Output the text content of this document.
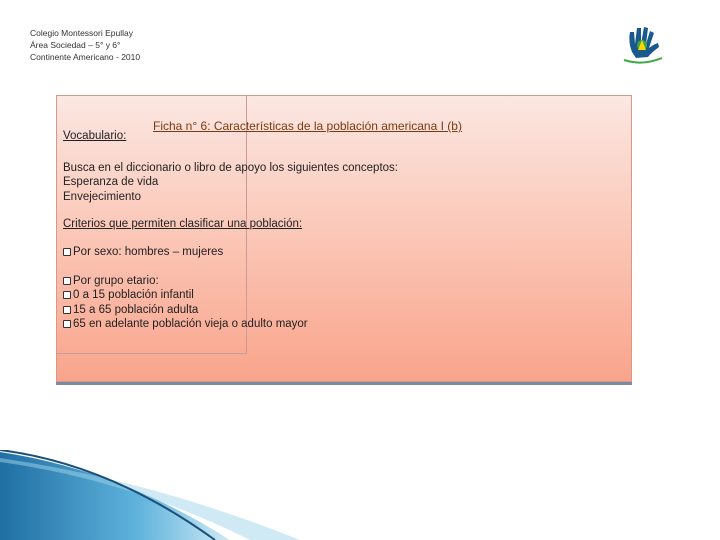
Colegio Montessori Epullay
Área Sociedad – 5° y 6°
Continente Americano - 2010
Ficha n° 6: Características de la población americana I (b)
Vocabulario:
Busca en el diccionario o libro de apoyo los siguientes conceptos:
Esperanza de vida
Envejecimiento
Criterios que permiten clasificar una población:
Por sexo: hombres – mujeres
Por grupo etario:
0 a 15 población infantil
15 a 65 población adulta
65 en adelante población vieja o adulto mayor
